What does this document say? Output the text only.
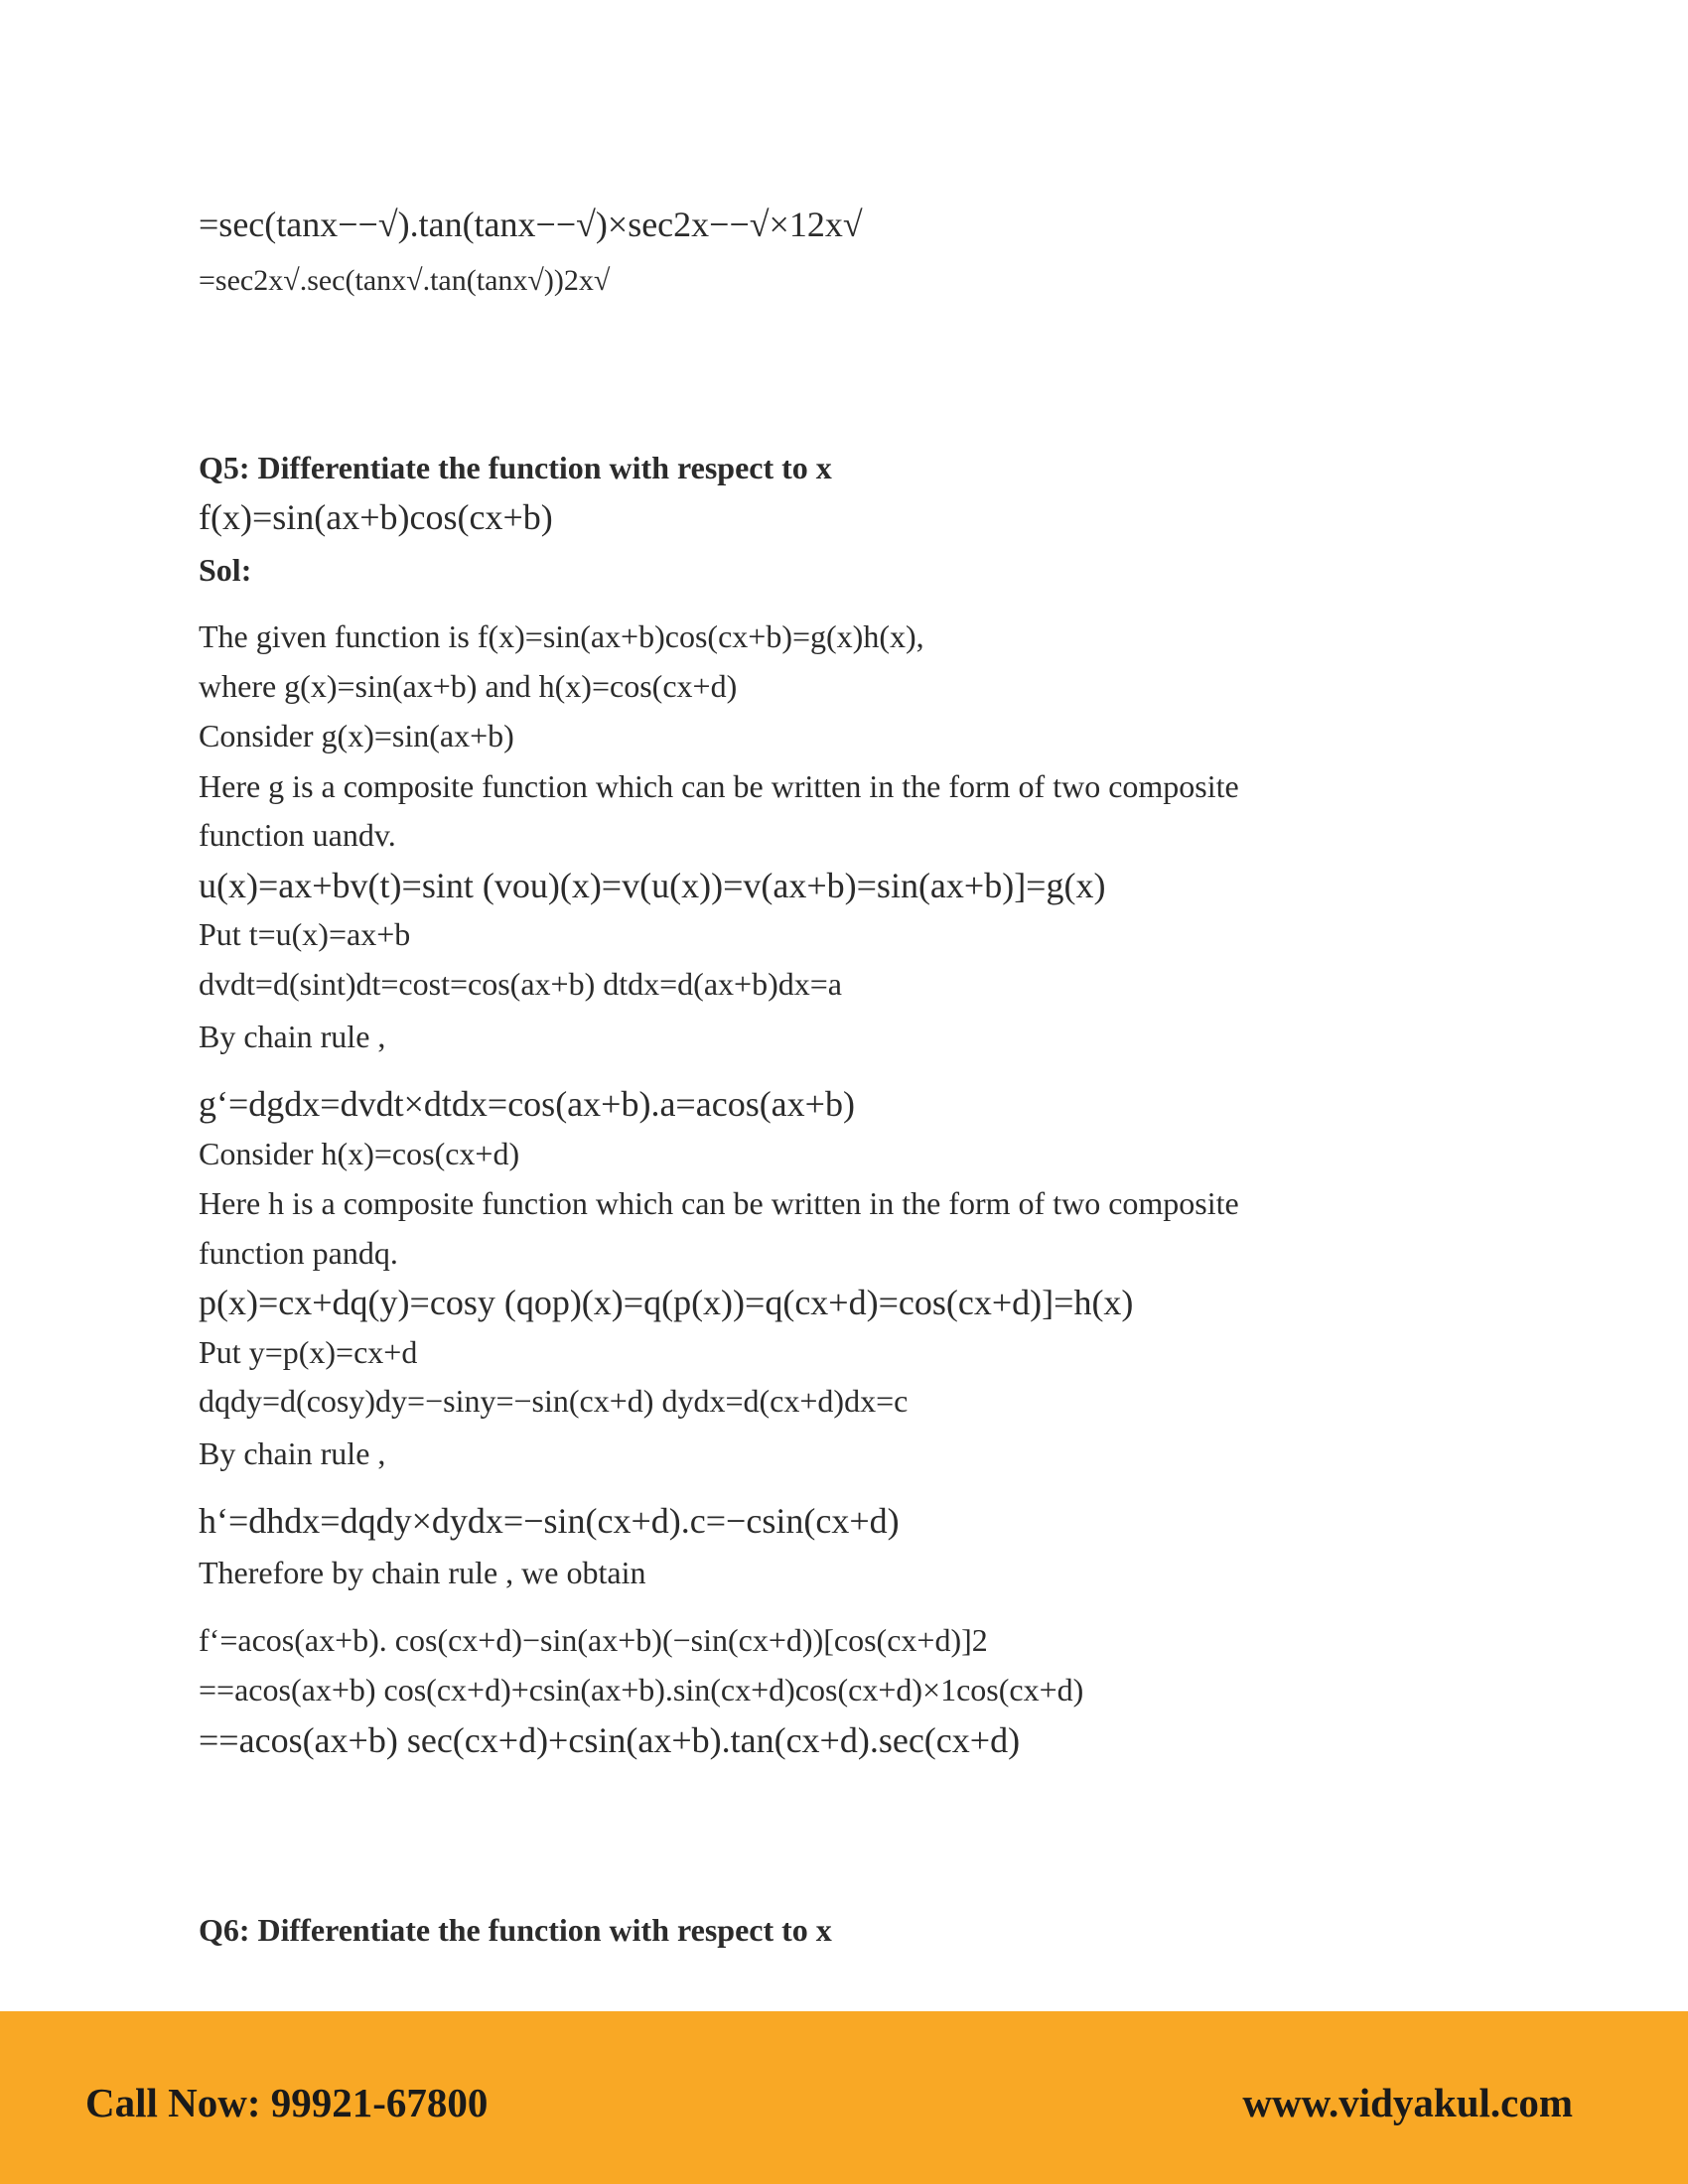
=sec(tanx−−√).tan(tanx−−√)×sec2x−−√×12x√
=sec2x√.sec(tanx√.tan(tanx√))2x√
Q5: Differentiate the function with respect to x
f(x)=sin(ax+b)cos(cx+b)
Sol:
The given function is f(x)=sin(ax+b)cos(cx+b)=g(x)h(x),
where g(x)=sin(ax+b) and h(x)=cos(cx+d)
Consider g(x)=sin(ax+b)
Here g is a composite function which can be written in the form of two composite
function uandv.
u(x)=ax+bv(t)=sint (vou)(x)=v(u(x))=v(ax+b)=sin(ax+b)]=g(x)
Put t=u(x)=ax+b
dvdt=d(sint)dt=cost=cos(ax+b) dtdx=d(ax+b)dx=a
By chain rule ,
g‘=dgdx=dvdt×dtdx=cos(ax+b).a=acos(ax+b)
Consider h(x)=cos(cx+d)
Here h is a composite function which can be written in the form of two composite
function pandq.
p(x)=cx+dq(y)=cosy (qop)(x)=q(p(x))=q(cx+d)=cos(cx+d)]=h(x)
Put y=p(x)=cx+d
dqdy=d(cosy)dy=−siny=−sin(cx+d) dydx=d(cx+d)dx=c
By chain rule ,
h‘=dhdx=dqdy×dydx=−sin(cx+d).c=−csin(cx+d)
Therefore by chain rule , we obtain
f‘=acos(ax+b). cos(cx+d)−sin(ax+b)(−sin(cx+d))[cos(cx+d)]2
==acos(ax+b) cos(cx+d)+csin(ax+b).sin(cx+d)cos(cx+d)×1cos(cx+d)
==acos(ax+b) sec(cx+d)+csin(ax+b).tan(cx+d).sec(cx+d)
Q6: Differentiate the function with respect to x
Call Now: 99921-67800	www.vidyakul.com
